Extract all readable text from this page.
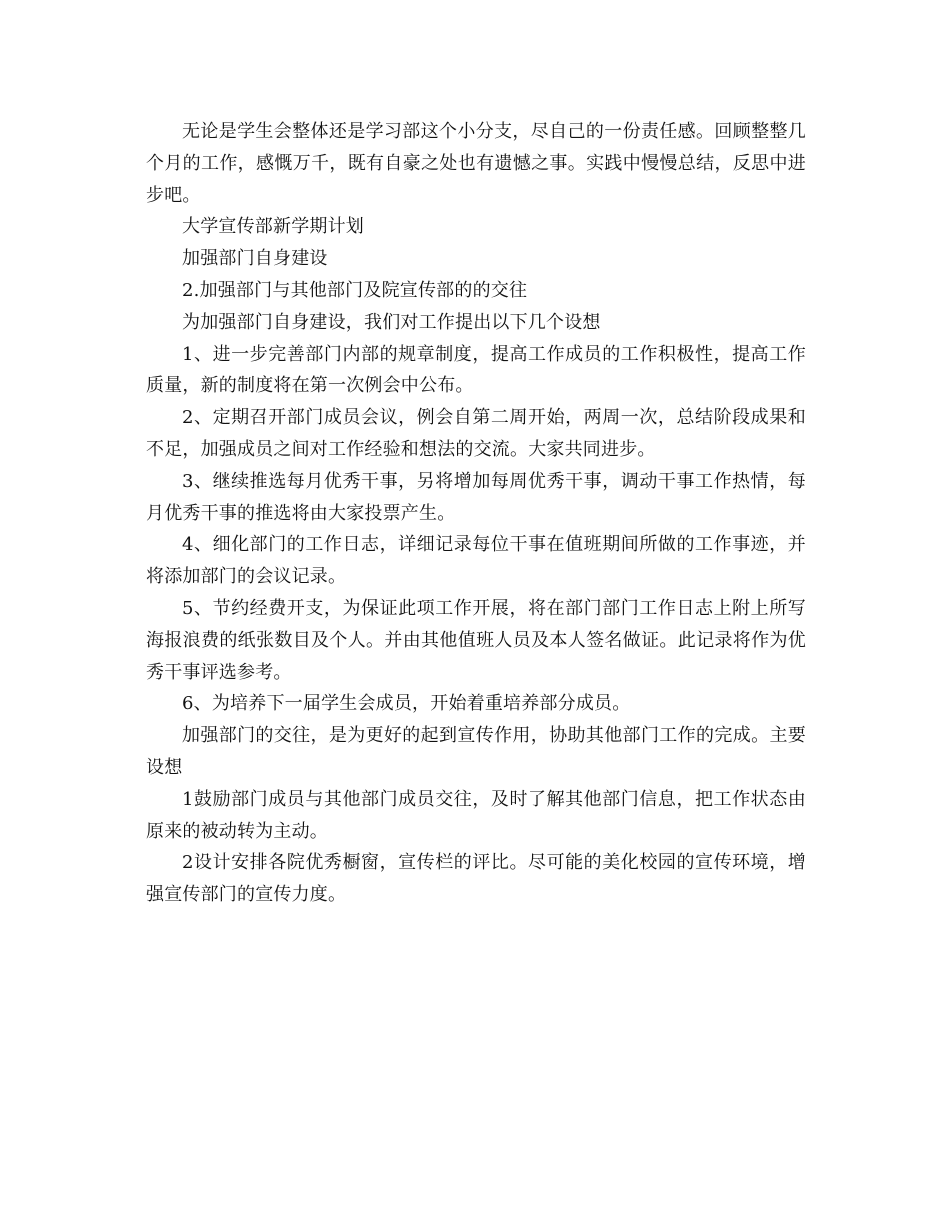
无论是学生会整体还是学习部这个小分支，尽自己的一份责任感。回顾整整几个月的工作，感慨万千，既有自豪之处也有遗憾之事。实践中慢慢总结，反思中进步吧。

大学宣传部新学期计划

加强部门自身建设

2.加强部门与其他部门及院宣传部的的交往

为加强部门自身建设，我们对工作提出以下几个设想

1、进一步完善部门内部的规章制度，提高工作成员的工作积极性，提高工作质量，新的制度将在第一次例会中公布。

2、定期召开部门成员会议，例会自第二周开始，两周一次，总结阶段成果和不足，加强成员之间对工作经验和想法的交流。大家共同进步。

3、继续推选每月优秀干事，另将增加每周优秀干事，调动干事工作热情，每月优秀干事的推选将由大家投票产生。

4、细化部门的工作日志，详细记录每位干事在值班期间所做的工作事迹，并将添加部门的会议记录。

5、节约经费开支，为保证此项工作开展，将在部门部门工作日志上附上所写海报浪费的纸张数目及个人。并由其他值班人员及本人签名做证。此记录将作为优秀干事评选参考。

6、为培养下一届学生会成员，开始着重培养部分成员。

加强部门的交往，是为更好的起到宣传作用，协助其他部门工作的完成。主要设想

1鼓励部门成员与其他部门成员交往，及时了解其他部门信息，把工作状态由原来的被动转为主动。

2设计安排各院优秀橱窗，宣传栏的评比。尽可能的美化校园的宣传环境，增强宣传部门的宣传力度。
